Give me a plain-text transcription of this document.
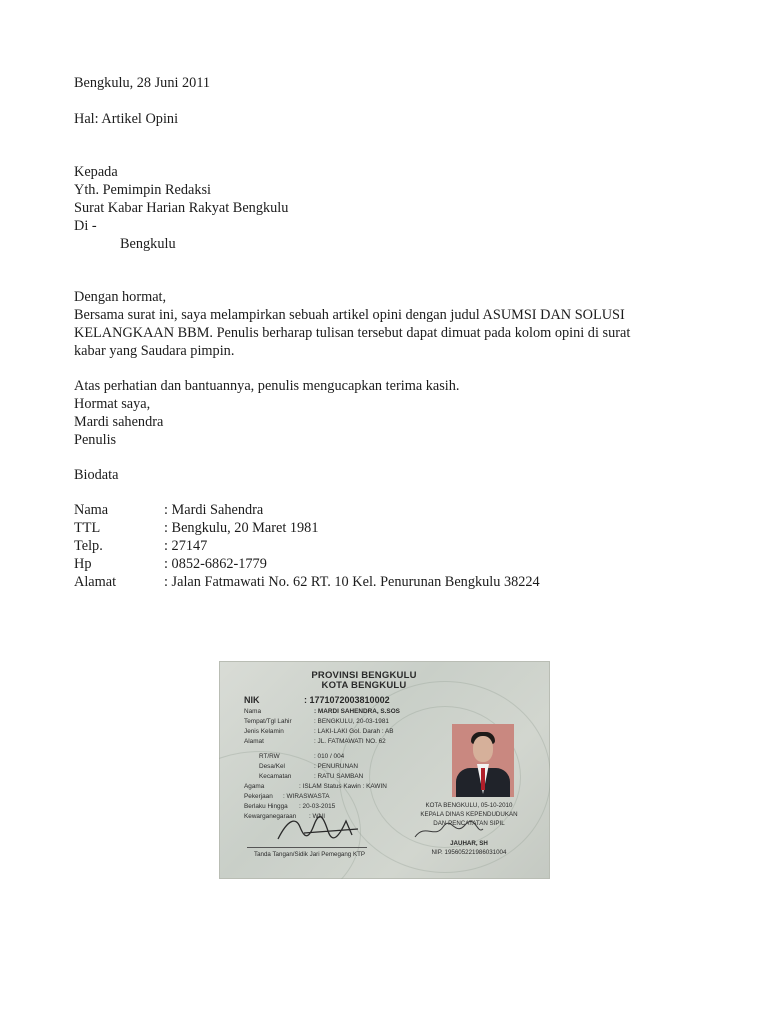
Bengkulu, 28 Juni 2011
Hal: Artikel Opini
Kepada
Yth. Pemimpin Redaksi
Surat Kabar Harian Rakyat Bengkulu
Di -
Bengkulu
Dengan hormat,
Bersama surat ini, saya melampirkan sebuah artikel opini dengan judul ASUMSI DAN SOLUSI
KELANGKAAN BBM. Penulis berharap tulisan tersebut dapat dimuat pada kolom opini di surat
kabar yang Saudara pimpin.
Atas perhatian dan bantuannya, penulis mengucapkan terima kasih.
Hormat saya,
Mardi sahendra
Penulis
Biodata
Nama	: Mardi Sahendra
TTL	: Bengkulu, 20 Maret 1981
Telp.	: 27147
Hp	: 0852-6862-1779
Alamat	: Jalan Fatmawati No. 62 RT. 10 Kel. Penurunan Bengkulu 38224
PROVINSI BENGKULU
KOTA BENGKULU
NIK	: 1771072003810002
Nama	: MARDI SAHENDRA, S.SOS
Tempat/Tgl Lahir	: BENGKULU, 20-03-1981
Jenis Kelamin	: LAKI-LAKI Gol. Darah : AB
Alamat	: JL. FATMAWATI NO. 62
RT/RW	: 010 / 004
Desa/Kel	: PENURUNAN
Kecamatan	: RATU SAMBAN
Agama	: ISLAM Status Kawin : KAWIN
Pekerjaan : WIRASWASTA
Berlaku Hingga : 20-03-2015
Kewarganegaraan : WNI
KOTA BENGKULU, 05-10-2010
KEPALA DINAS KEPENDUDUKAN
DAN PENCATATAN SIPIL
JAUHAR, SH
NIP. 195605221986031004
Tanda Tangan/Sidik Jari Pemegang KTP
